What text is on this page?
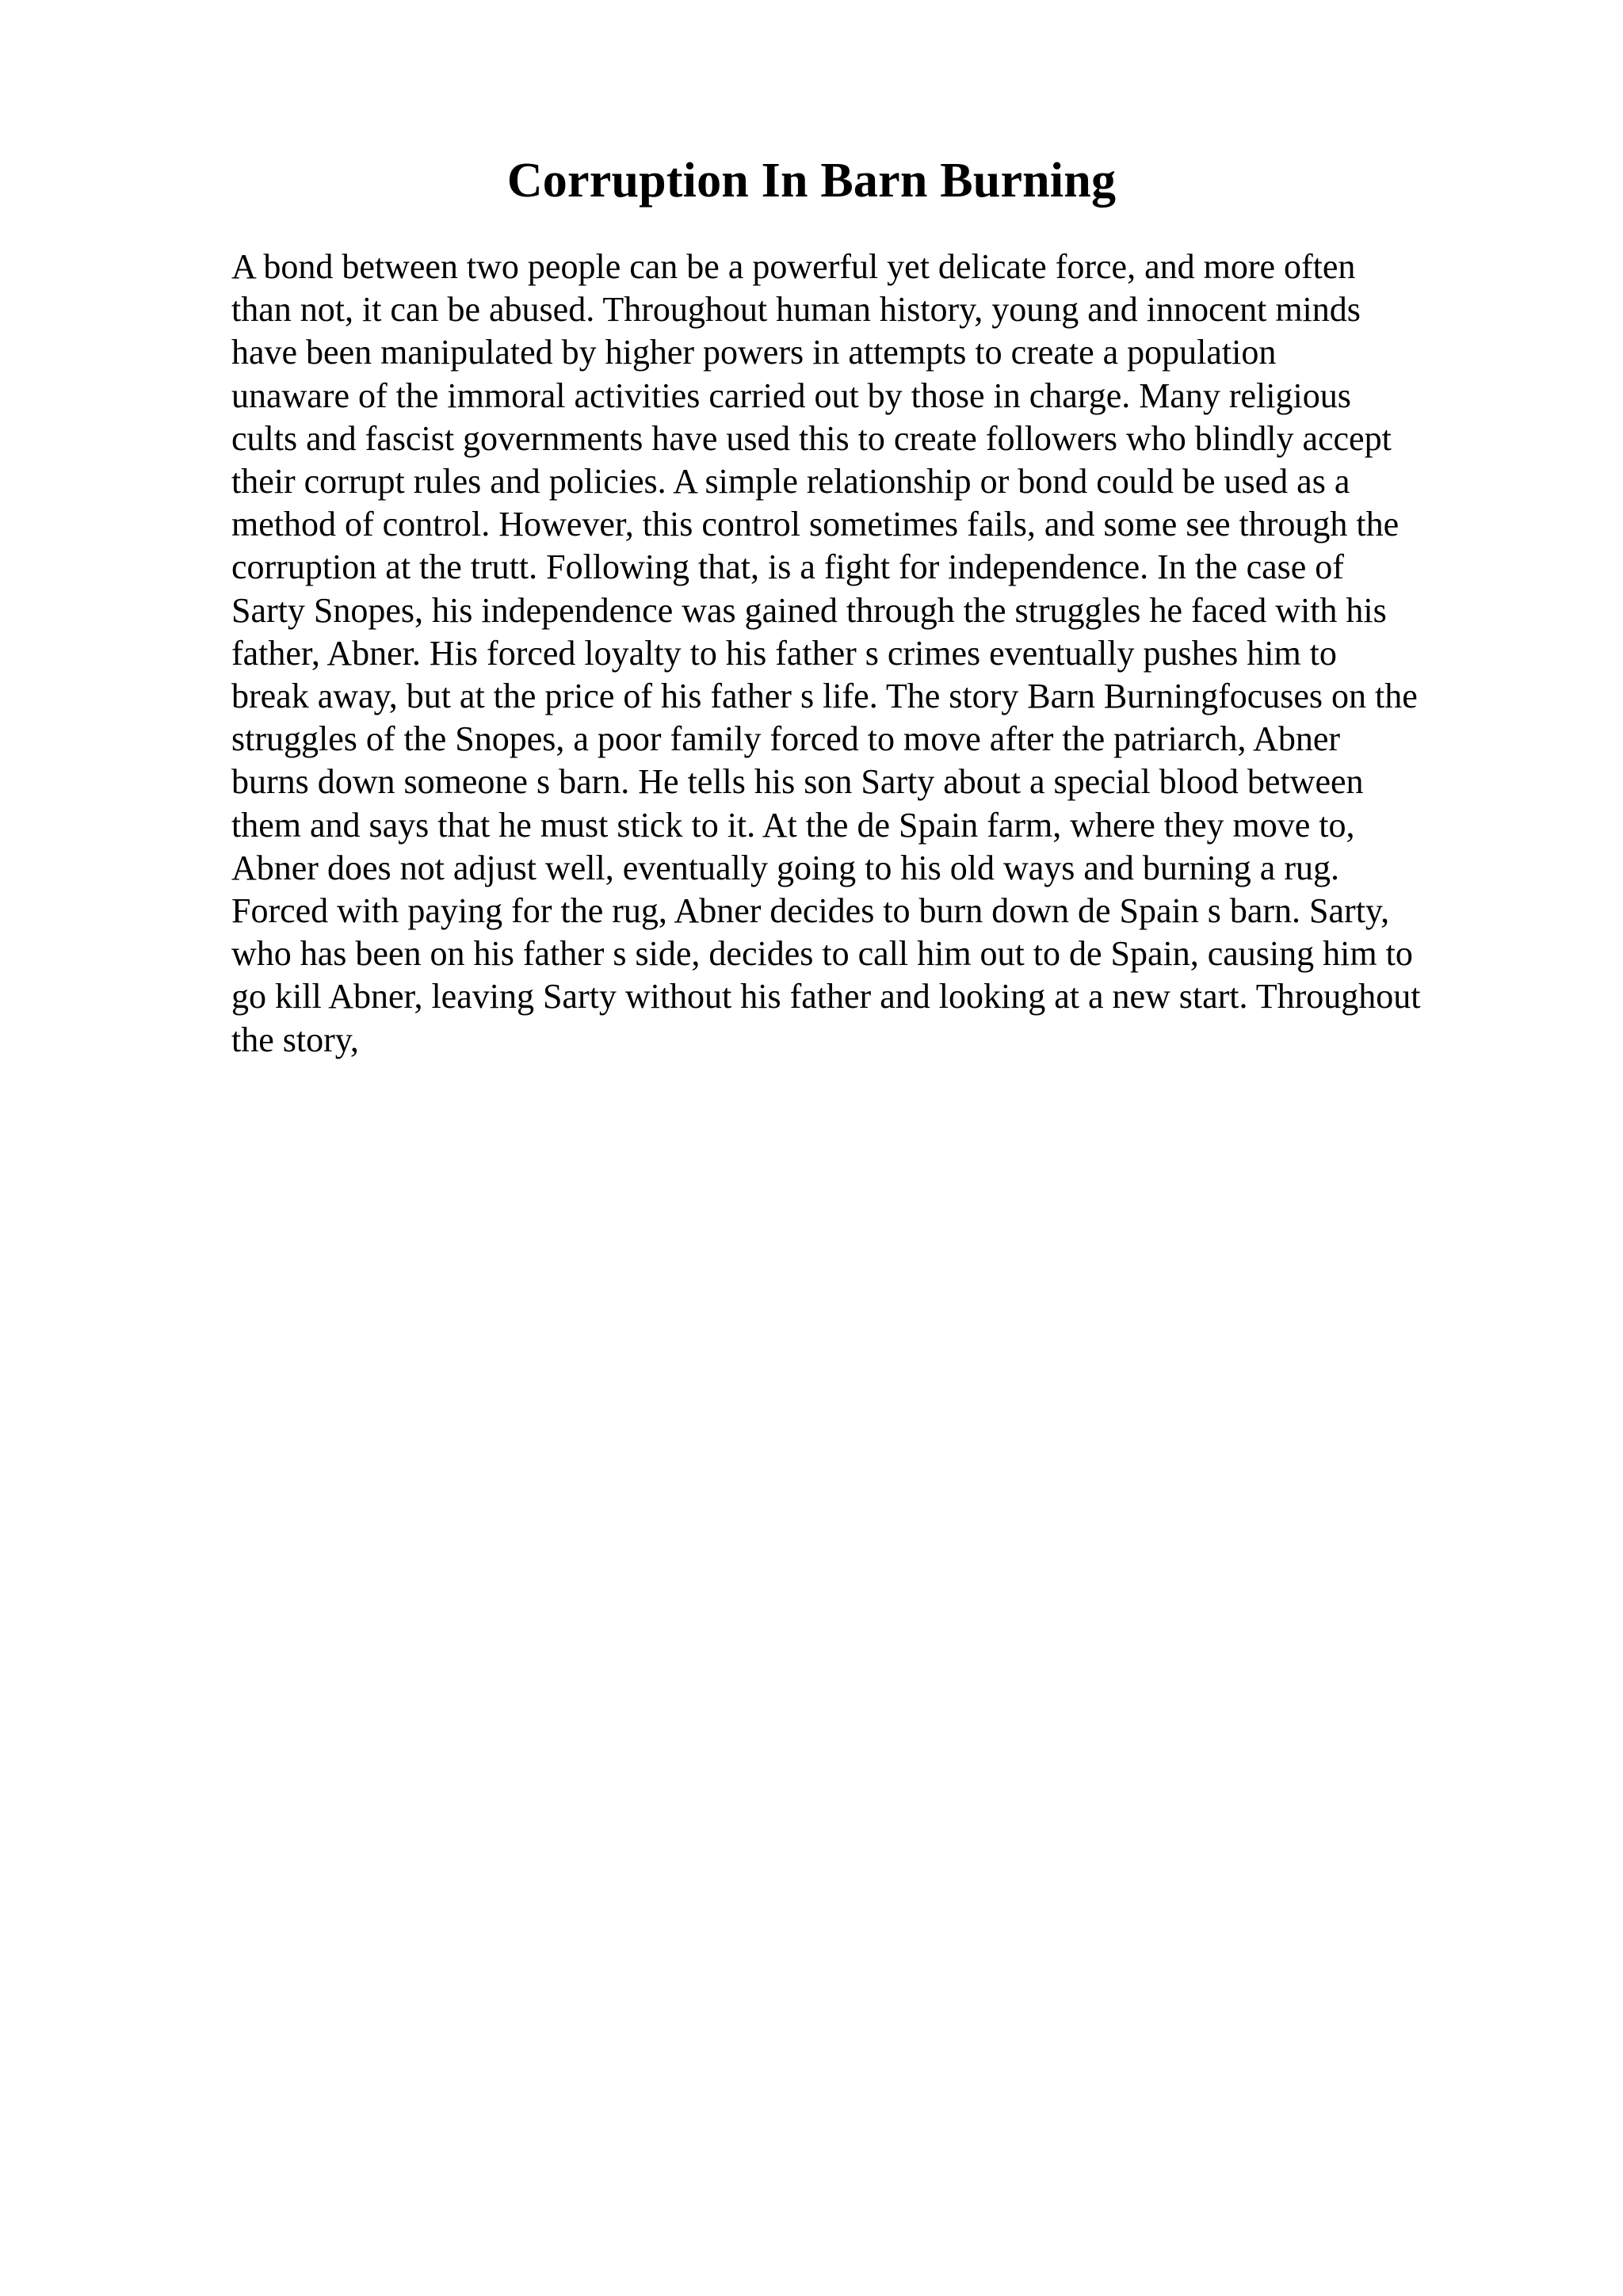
Corruption In Barn Burning
A bond between two people can be a powerful yet delicate force, and more often
than not, it can be abused. Throughout human history, young and innocent minds
have been manipulated by higher powers in attempts to create a population
unaware of the immoral activities carried out by those in charge. Many religious
cults and fascist governments have used this to create followers who blindly accept
their corrupt rules and policies. A simple relationship or bond could be used as a
method of control. However, this control sometimes fails, and some see through the
corruption at the trutt. Following that, is a fight for independence. In the case of
Sarty Snopes, his independence was gained through the struggles he faced with his
father, Abner. His forced loyalty to his father s crimes eventually pushes him to
break away, but at the price of his father s life. The story Barn Burningfocuses on the
struggles of the Snopes, a poor family forced to move after the patriarch, Abner
burns down someone s barn. He tells his son Sarty about a special blood between
them and says that he must stick to it. At the de Spain farm, where they move to,
Abner does not adjust well, eventually going to his old ways and burning a rug.
Forced with paying for the rug, Abner decides to burn down de Spain s barn. Sarty,
who has been on his father s side, decides to call him out to de Spain, causing him to
go kill Abner, leaving Sarty without his father and looking at a new start. Throughout
the story,
